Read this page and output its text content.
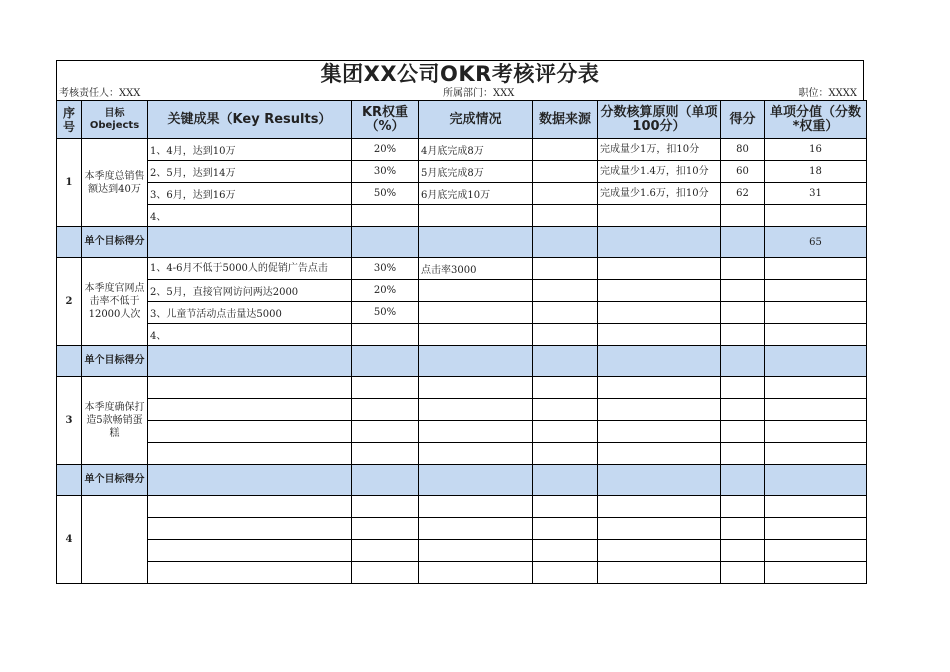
集团XX公司OKR考核评分表
考核责任人：XXX	所属部门：XXX	职位：XXXX
序号	目标 Obejects	关键成果（Key Results）	KR权重（%）	完成情况	数据来源	分数核算原则（单项100分）	得分	单项分值（分数*权重）
1	本季度总销售额达到40万	1、4月，达到10万	20%	4月底完成8万		完成量少1万，扣10分	80	16
		2、5月，达到14万	30%	5月底完成8万		完成量少1.4万，扣10分	60	18
		3、6月，达到16万	50%	6月底完成10万		完成量少1.6万，扣10分	62	31
		4、						
	单个目标得分							65
2	本季度官网点击率不低于12000人次	1、4-6月不低于5000人的促销广告点击	30%	点击率3000				
		2、5月，直接官网访问两达2000	20%					
		3、儿童节活动点击量达5000	50%					
		4、						
	单个目标得分							
3	本季度确保打造5款畅销蛋糕							

	单个目标得分							
4								
